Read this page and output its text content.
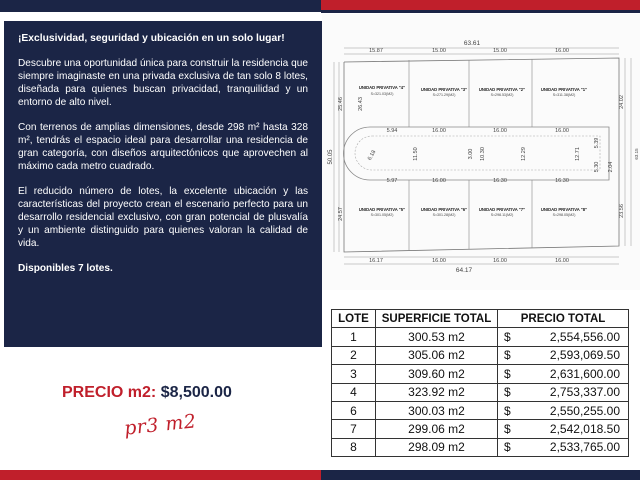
¡Exclusividad, seguridad y ubicación en un solo lugar!

Descubre una oportunidad única para construir la residencia que siempre imaginaste en una privada exclusiva de tan solo 8 lotes, diseñada para quienes buscan privacidad, tranquilidad y un entorno de alto nivel.

Con terrenos de amplias dimensiones, desde 298 m² hasta 328 m², tendrás el espacio ideal para desarrollar una residencia de gran categoría, con diseños arquitectónicos que aprovechen al máximo cada metro cuadrado.

El reducido número de lotes, la excelente ubicación y las características del proyecto crean el escenario perfecto para un desarrollo residencial exclusivo, con gran potencial de plusvalía y un ambiente distinguido para quienes valoran la calidad de vida.

Disponibles 7 lotes.
PRECIO m2: $8,500.00
pr3 m2
63.61
15.87	15.00	15.00	16.00
16.17	16.00	16.00	16.00
64.17
5.94	16.00	16.00	16.00
5.97	16.00	16.30	16.30
50.05
25.46
24.57
26.43	24.02
23.56
63.15
5.39
5.30 2.04
11.50	10.30	12.29	12.71
6.18	3.00
UNIDAD PRIVATIVA "4"	UNIDAD PRIVATIVA "3"	UNIDAD PRIVATIVA "2"	UNIDAD PRIVATIVA "1"
UNIDAD PRIVATIVA "5"	UNIDAD PRIVATIVA "6"	UNIDAD PRIVATIVA "7"	UNIDAD PRIVATIVA "8"
S=321.03(M2)	S=271.29(M2)	S=296.53(M2)	S=311.38(M2)
S=301.05(M2)	S=301.28(M2)	S=298.11(M2)	S=298.05(M2)
LOTE	SUPERFICIE TOTAL	PRECIO TOTAL	
1	300.53 m2	$	2,554,556.00
2	305.06 m2	$	2,593,069.50
3	309.60 m2	$	2,631,600.00
4	323.92 m2	$	2,753,337.00
6	300.03 m2	$	2,550,255.00
7	299.06 m2	$	2,542,018.50
8	298.09 m2	$	2,533,765.00
